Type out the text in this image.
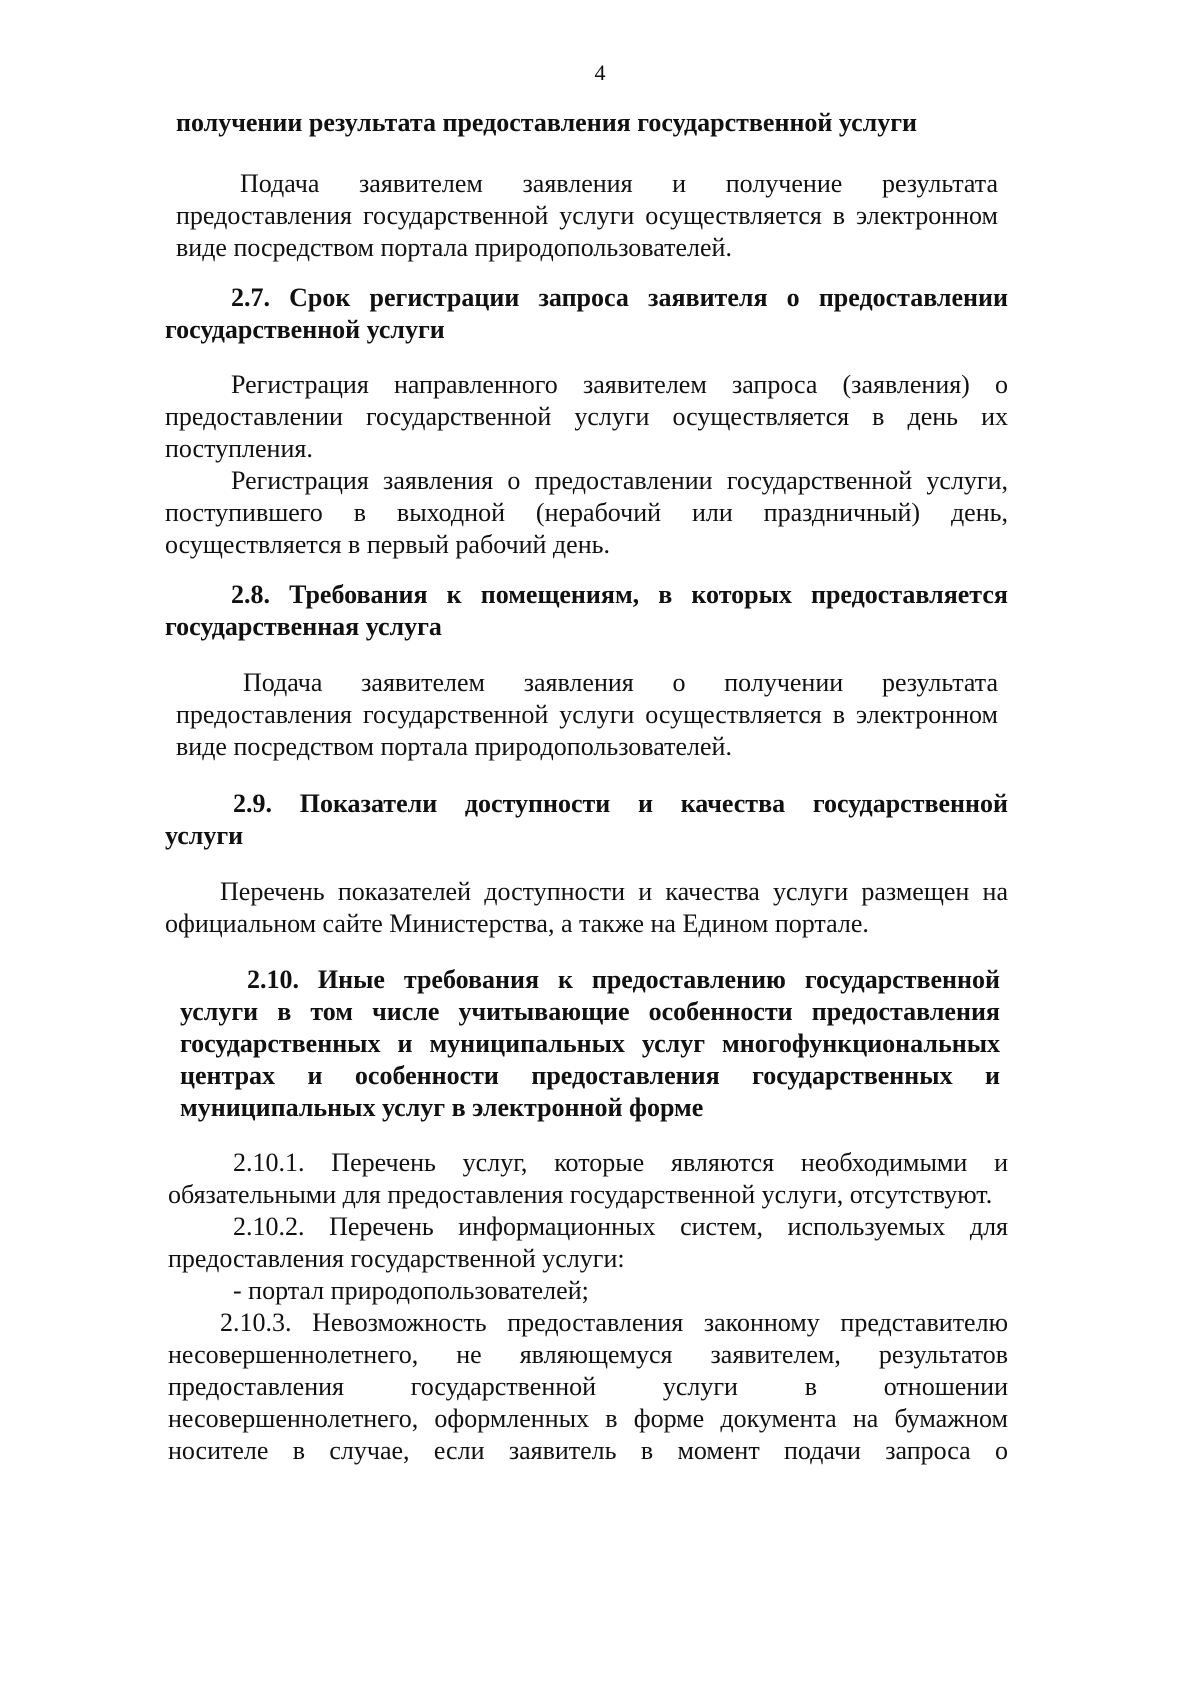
4
получении результата предоставления государственной услуги
Подача заявителем заявления и получение результата
предоставления государственной услуги осуществляется в электронном
виде посредством портала природопользователей.
2.7. Срок регистрации запроса заявителя о предоставлении
государственной услуги
Регистрация направленного заявителем запроса (заявления) о
предоставлении государственной услуги осуществляется в день их
поступления.
Регистрация заявления о предоставлении государственной услуги,
поступившего в выходной (нерабочий или праздничный) день,
осуществляется в первый рабочий день.
2.8. Требования к помещениям, в которых предоставляется
государственная услуга
Подача заявителем заявления о получении результата
предоставления государственной услуги осуществляется в электронном
виде посредством портала природопользователей.
2.9. Показатели доступности и качества государственной
услуги
Перечень показателей доступности и качества услуги размещен на
официальном сайте Министерства, а также на Едином портале.
2.10. Иные требования к предоставлению государственной
услуги в том числе учитывающие особенности предоставления
государственных и муниципальных услуг многофункциональных
центрах и особенности предоставления государственных и
муниципальных услуг в электронной форме
2.10.1. Перечень услуг, которые являются необходимыми и
обязательными для предоставления государственной услуги, отсутствуют.
2.10.2. Перечень информационных систем, используемых для
предоставления государственной услуги:
- портал природопользователей;
2.10.3. Невозможность предоставления законному представителю
несовершеннолетнего, не являющемуся заявителем, результатов
предоставления государственной услуги в отношении
несовершеннолетнего, оформленных в форме документа на бумажном
носителе в случае, если заявитель в момент подачи запроса о
